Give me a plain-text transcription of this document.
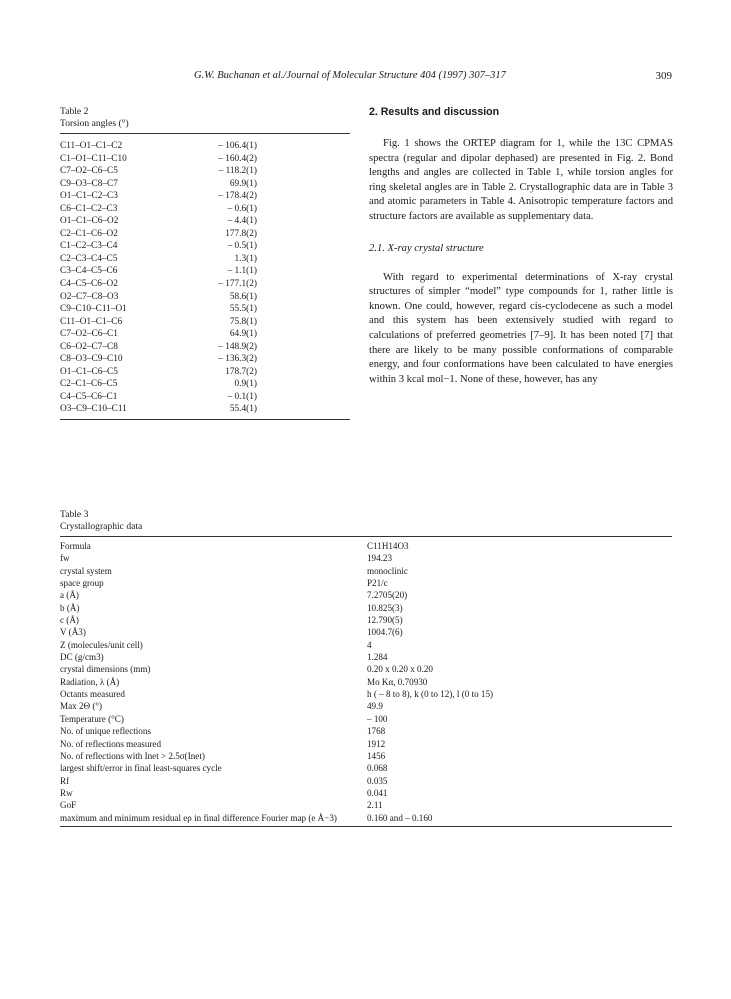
G.W. Buchanan et al./Journal of Molecular Structure 404 (1997) 307–317	309
Table 2
Torsion angles (°)
C11–O1–C1–C2	– 106.4(1)
C1–O1–C11–C10	– 160.4(2)
C7–O2–C6–C5	– 118.2(1)
C9–O3–C8–C7	69.9(1)
O1–C1–C2–C3	– 178.4(2)
C6–C1–C2–C3	– 0.6(1)
O1–C1–C6–O2	– 4.4(1)
C2–C1–C6–O2	177.8(2)
C1–C2–C3–C4	– 0.5(1)
C2–C3–C4–C5	1.3(1)
C3–C4–C5–C6	– 1.1(1)
C4–C5–C6–O2	– 177.1(2)
O2–C7–C8–O3	58.6(1)
C9–C10–C11–O1	55.5(1)
C11–O1–C1–C6	75.8(1)
C7–O2–C6–C1	64.9(1)
C6–O2–C7–C8	– 148.9(2)
C8–O3–C9–C10	– 136.3(2)
O1–C1–C6–C5	178.7(2)
C2–C1–C6–C5	0.9(1)
C4–C5–C6–C1	– 0.1(1)
O3–C9–C10–C11	55.4(1)
2. Results and discussion

Fig. 1 shows the ORTEP diagram for 1, while the 13C CPMAS spectra (regular and dipolar dephased) are presented in Fig. 2. Bond lengths and angles are collected in Table 1, while torsion angles for ring skeletal angles are in Table 2. Crystallographic data are in Table 3 and atomic parameters in Table 4. Anisotropic temperature factors and structure factors are available as supplementary data.

2.1. X-ray crystal structure

With regard to experimental determinations of X-ray crystal structures of simpler “model” type compounds for 1, rather little is known. One could, however, regard cis-cyclodecene as such a model and this system has been extensively studied with regard to calculations of preferred geometries [7–9]. It has been noted [7] that there are likely to be many possible conformations of comparable energy, and four conformations have been calculated to have energies within 3 kcal mol−1. None of these, however, has any

Table 3
Crystallographic data
Formula	C11H14O3
fw	194.23
crystal system	monoclinic
space group	P21/c
a (Å)	7.2705(20)
b (Å)	10.825(3)
c (Å)	12.790(5)
V (Å3)	1004.7(6)
Z (molecules/unit cell)	4
DC (g/cm3)	1.284
crystal dimensions (mm)	0.20 x 0.20 x 0.20
Radiation, λ (Å)	Mo Kα, 0.70930
Octants measured	h ( – 8 to 8), k (0 to 12), l (0 to 15)
Max 2Θ (°)	49.9
Temperature (°C)	– 100
No. of unique reflections	1768
No. of reflections measured	1912
No. of reflections with Inet > 2.5σ(Inet)	1456
largest shift/error in final least-squares cycle	0.068
Rf	0.035
Rw	0.041
GoF	2.11
maximum and minimum residual eρ in final difference Fourier map (e Å−3)	0.160 and – 0.160
